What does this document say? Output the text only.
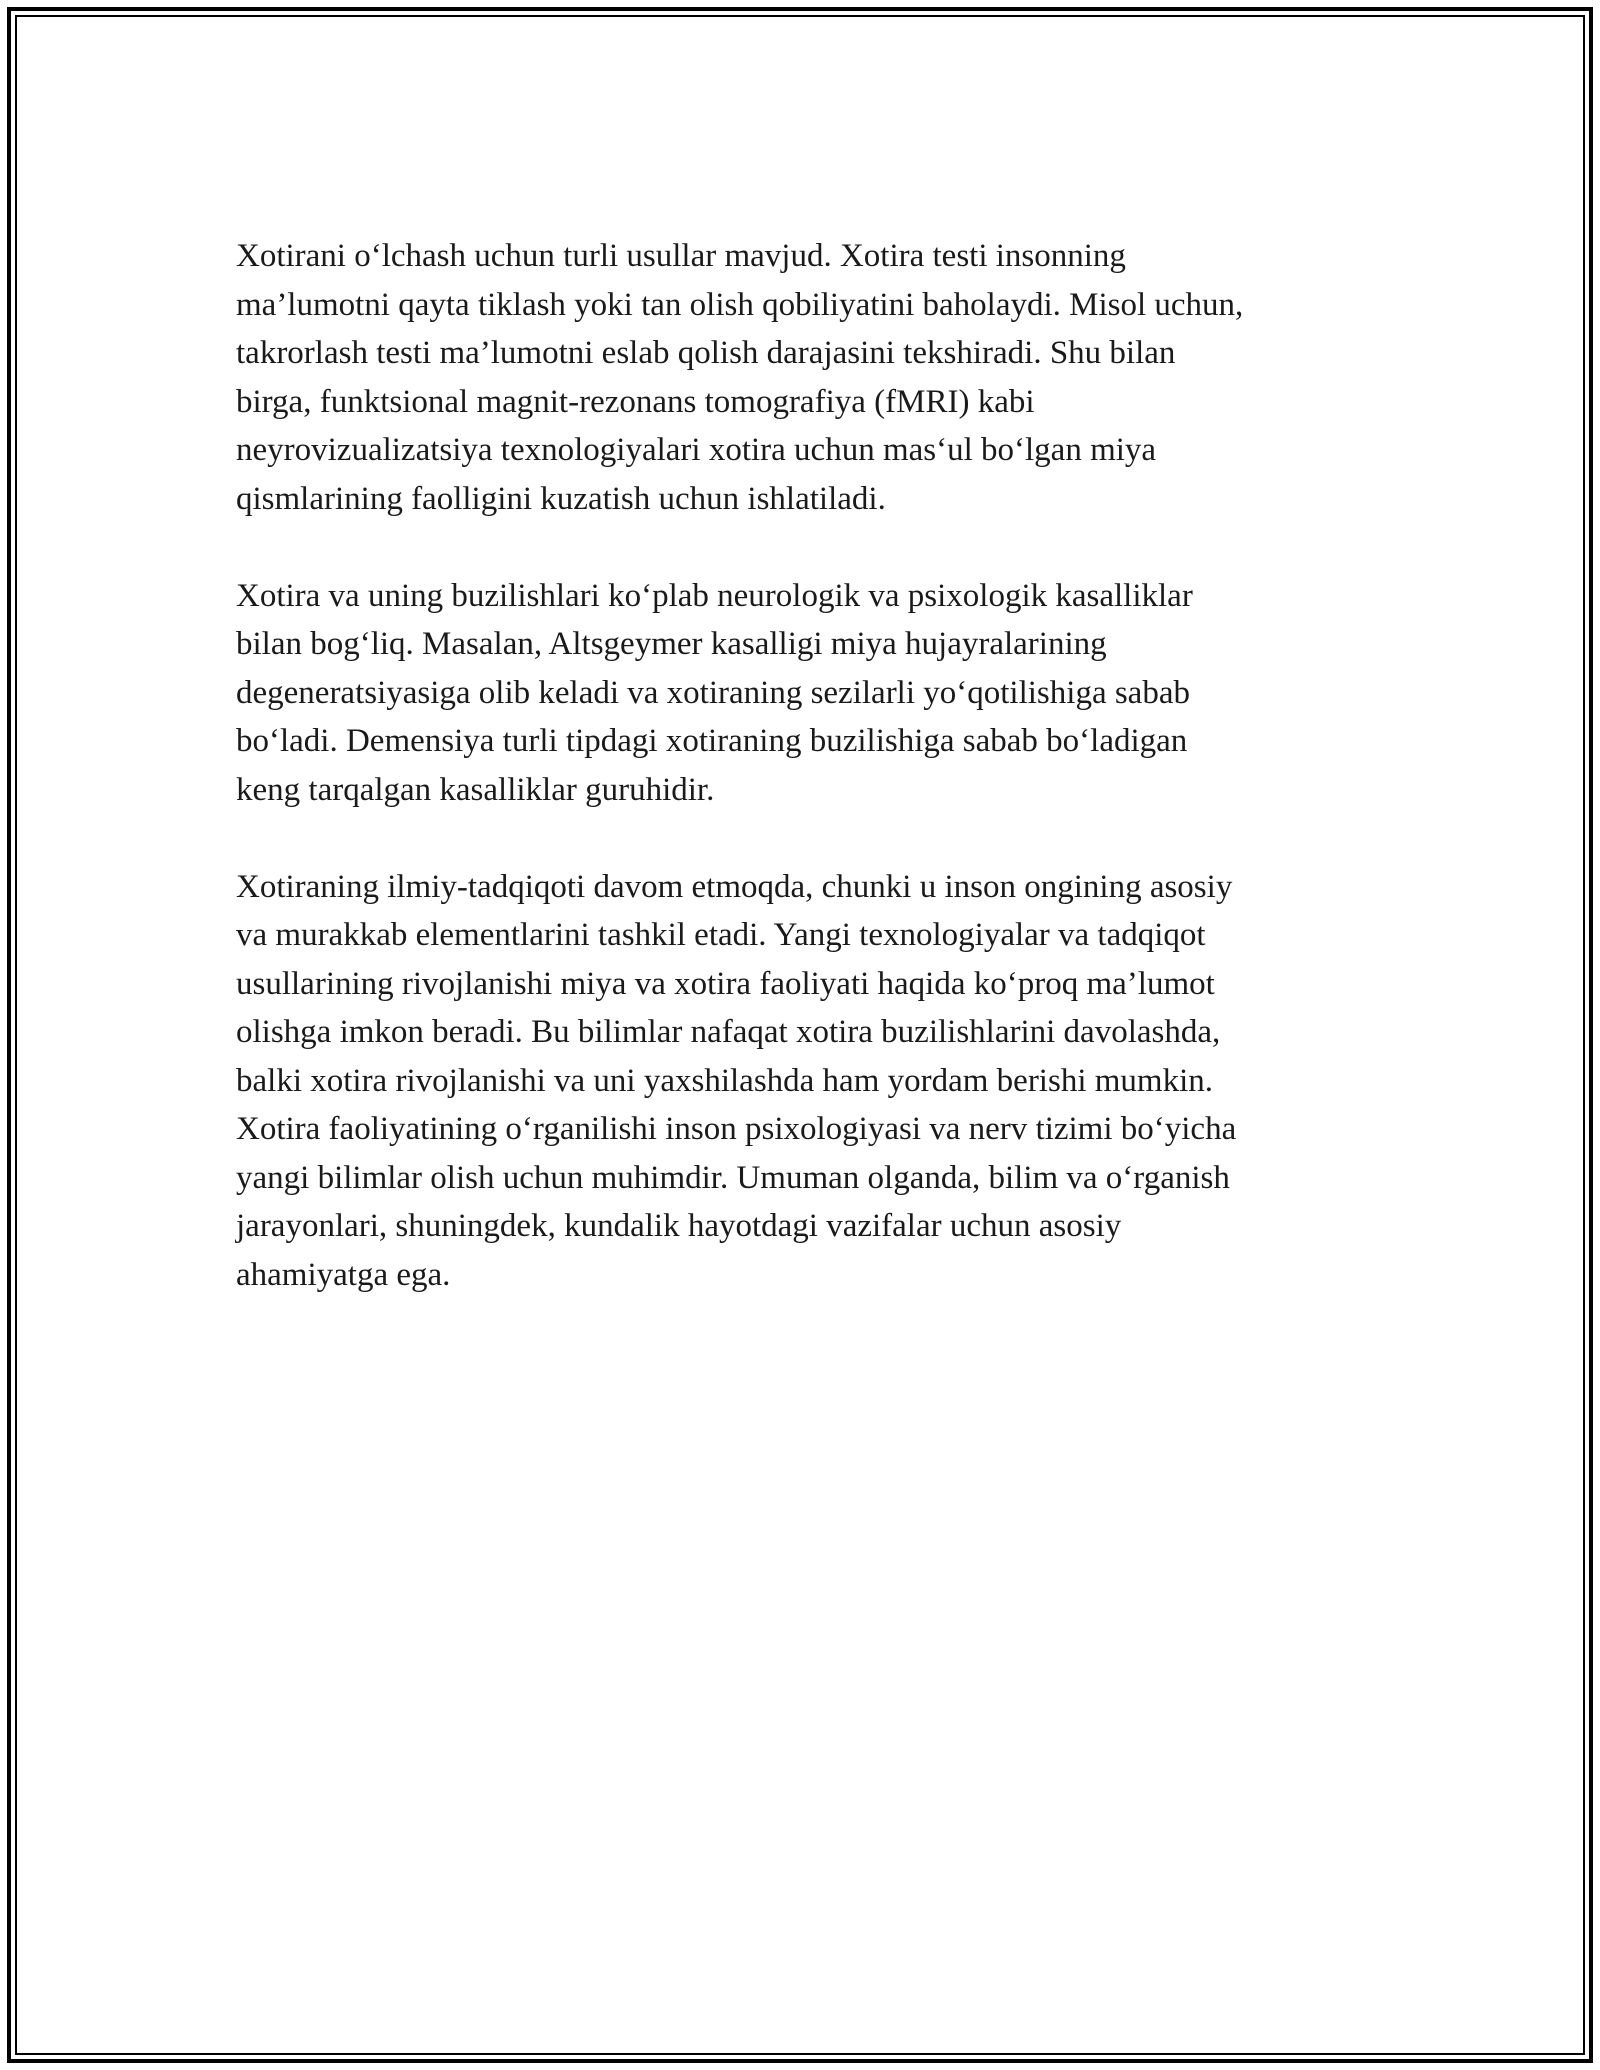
Xotirani o‘lchash uchun turli usullar mavjud. Xotira testi insonning
ma’lumotni qayta tiklash yoki tan olish qobiliyatini baholaydi. Misol uchun,
takrorlash testi ma’lumotni eslab qolish darajasini tekshiradi. Shu bilan
birga, funktsional magnit-rezonans tomografiya (fMRI) kabi
neyrovizualizatsiya texnologiyalari xotira uchun mas‘ul bo‘lgan miya
qismlarining faolligini kuzatish uchun ishlatiladi.

Xotira va uning buzilishlari ko‘plab neurologik va psixologik kasalliklar
bilan bog‘liq. Masalan, Altsgeymer kasalligi miya hujayralarining
degeneratsiyasiga olib keladi va xotiraning sezilarli yo‘qotilishiga sabab
bo‘ladi. Demensiya turli tipdagi xotiraning buzilishiga sabab bo‘ladigan
keng tarqalgan kasalliklar guruhidir.

Xotiraning ilmiy-tadqiqoti davom etmoqda, chunki u inson ongining asosiy
va murakkab elementlarini tashkil etadi. Yangi texnologiyalar va tadqiqot
usullarining rivojlanishi miya va xotira faoliyati haqida ko‘proq ma’lumot
olishga imkon beradi. Bu bilimlar nafaqat xotira buzilishlarini davolashda,
balki xotira rivojlanishi va uni yaxshilashda ham yordam berishi mumkin.
Xotira faoliyatining o‘rganilishi inson psixologiyasi va nerv tizimi bo‘yicha
yangi bilimlar olish uchun muhimdir. Umuman olganda, bilim va o‘rganish
jarayonlari, shuningdek, kundalik hayotdagi vazifalar uchun asosiy
ahamiyatga ega.
